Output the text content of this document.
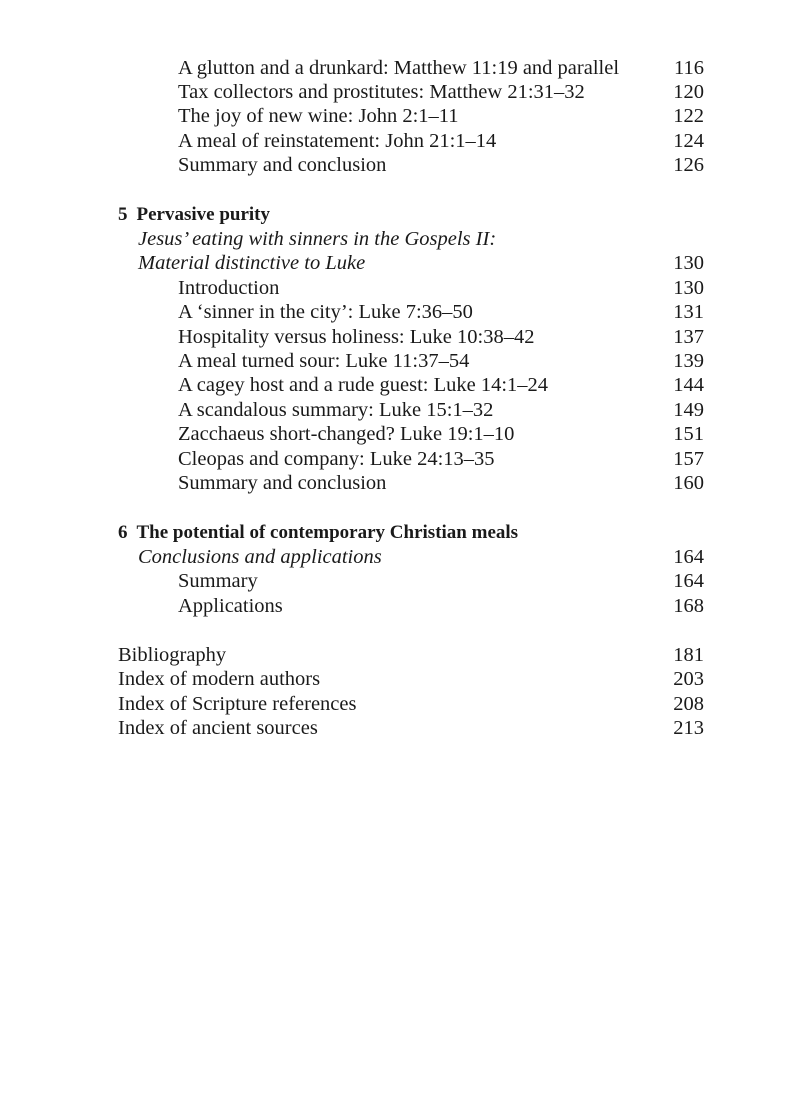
A glutton and a drunkard: Matthew 11:19 and parallel	116
Tax collectors and prostitutes: Matthew 21:31–32	120
The joy of new wine: John 2:1–11	122
A meal of reinstatement: John 21:1–14	124
Summary and conclusion	126
5 Pervasive purity
Jesus’ eating with sinners in the Gospels II:
Material distinctive to Luke	130
Introduction	130
A ‘sinner in the city’: Luke 7:36–50	131
Hospitality versus holiness: Luke 10:38–42	137
A meal turned sour: Luke 11:37–54	139
A cagey host and a rude guest: Luke 14:1–24	144
A scandalous summary: Luke 15:1–32	149
Zacchaeus short-changed? Luke 19:1–10	151
Cleopas and company: Luke 24:13–35	157
Summary and conclusion	160
6 The potential of contemporary Christian meals
Conclusions and applications	164
Summary	164
Applications	168
Bibliography	181
Index of modern authors	203
Index of Scripture references	208
Index of ancient sources	213
